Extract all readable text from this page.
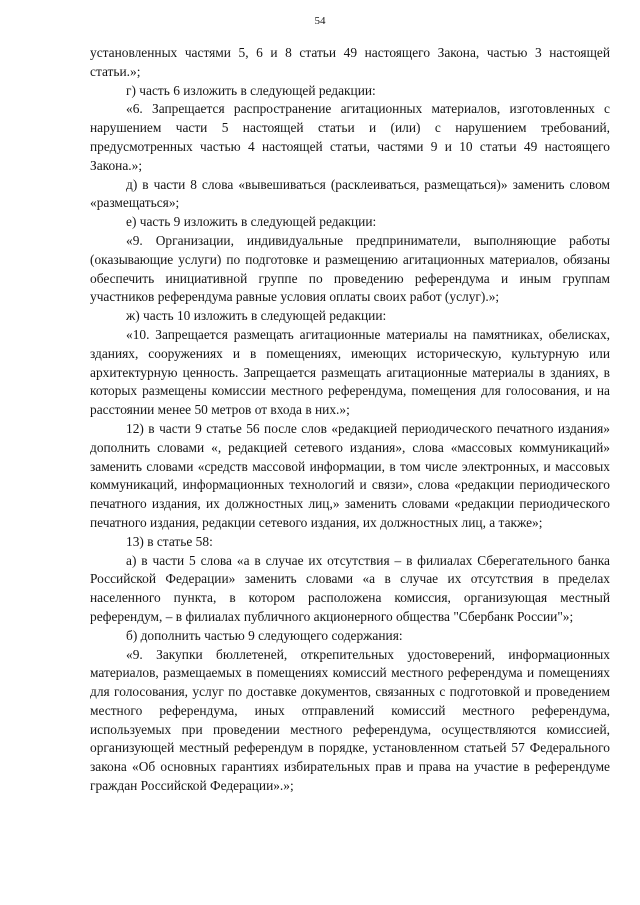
54

установленных частями 5, 6 и 8 статьи 49 настоящего Закона, частью 3 настоящей статьи.»;

г) часть 6 изложить в следующей редакции:

«6. Запрещается распространение агитационных материалов, изготовленных с нарушением части 5 настоящей статьи и (или) с нарушением требований, предусмотренных частью 4 настоящей статьи, частями 9 и 10 статьи 49 настоящего Закона.»;

д) в части 8 слова «вывешиваться (расклеиваться, размещаться)» заменить словом «размещаться»;

е) часть 9 изложить в следующей редакции:

«9. Организации, индивидуальные предприниматели, выполняющие работы (оказывающие услуги) по подготовке и размещению агитационных материалов, обязаны обеспечить инициативной группе по проведению референдума и иным группам участников референдума равные условия оплаты своих работ (услуг).»;

ж) часть 10 изложить в следующей редакции:

«10. Запрещается размещать агитационные материалы на памятниках, обелисках, зданиях, сооружениях и в помещениях, имеющих историческую, культурную или архитектурную ценность. Запрещается размещать агитационные материалы в зданиях, в которых размещены комиссии местного референдума, помещения для голосования, и на расстоянии менее 50 метров от входа в них.»;

12) в части 9 статье 56 после слов «редакцией периодического печатного издания» дополнить словами «, редакцией сетевого издания», слова «массовых коммуникаций» заменить словами «средств массовой информации, в том числе электронных, и массовых коммуникаций, информационных технологий и связи», слова «редакции периодического печатного издания, их должностных лиц,» заменить словами «редакции периодического печатного издания, редакции сетевого издания, их должностных лиц, а также»;

13) в статье 58:

а) в части 5 слова «а в случае их отсутствия – в филиалах Сберегательного банка Российской Федерации» заменить словами «а в случае их отсутствия в пределах населенного пункта, в котором расположена комиссия, организующая местный референдум, – в филиалах публичного акционерного общества "Сбербанк России"»;

б) дополнить частью 9 следующего содержания:

«9. Закупки бюллетеней, открепительных удостоверений, информационных материалов, размещаемых в помещениях комиссий местного референдума и помещениях для голосования, услуг по доставке документов, связанных с подготовкой и проведением местного референдума, иных отправлений комиссий местного референдума, используемых при проведении местного референдума, осуществляются комиссией, организующей местный референдум в порядке, установленном статьей 57 Федерального закона «Об основных гарантиях избирательных прав и права на участие в референдуме граждан Российской Федерации».»;
